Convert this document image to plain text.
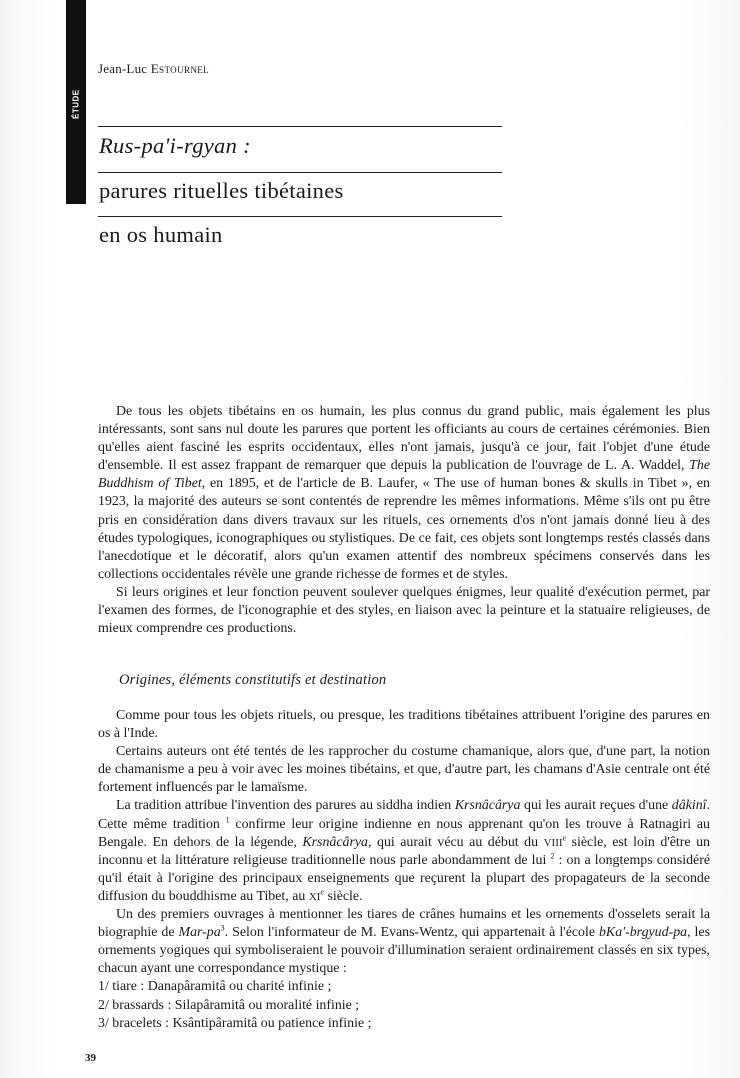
ÉTUDE
Jean-Luc Estournel
Rus-pa'i-rgyan :
parures rituelles tibétaines
en os humain

De tous les objets tibétains en os humain, les plus connus du grand public, mais également les plus intéressants, sont sans nul doute les parures que portent les officiants au cours de certaines cérémonies. Bien qu'elles aient fasciné les esprits occidentaux, elles n'ont jamais, jusqu'à ce jour, fait l'objet d'une étude d'ensemble. Il est assez frappant de remarquer que depuis la publication de l'ouvrage de L. A. Waddel, The Buddhism of Tibet, en 1895, et de l'article de B. Laufer, « The use of human bones & skulls in Tibet », en 1923, la majorité des auteurs se sont contentés de reprendre les mêmes informations. Même s'ils ont pu être pris en considération dans divers travaux sur les rituels, ces ornements d'os n'ont jamais donné lieu à des études typologiques, iconographiques ou stylistiques. De ce fait, ces objets sont longtemps restés classés dans l'anecdotique et le décoratif, alors qu'un examen attentif des nombreux spécimens conservés dans les collections occidentales révèle une grande richesse de formes et de styles.

Si leurs origines et leur fonction peuvent soulever quelques énigmes, leur qualité d'exécution permet, par l'examen des formes, de l'iconographie et des styles, en liaison avec la peinture et la statuaire religieuses, de mieux comprendre ces productions.

Origines, éléments constitutifs et destination

Comme pour tous les objets rituels, ou presque, les traditions tibétaines attribuent l'origine des parures en os à l'Inde.

Certains auteurs ont été tentés de les rapprocher du costume chamanique, alors que, d'une part, la notion de chamanisme a peu à voir avec les moines tibétains, et que, d'autre part, les chamans d'Asie centrale ont été fortement influencés par le lamaïsme.

La tradition attribue l'invention des parures au siddha indien Krsnâcârya qui les aurait reçues d'une dâkinî. Cette même tradition $^1$ confirme leur origine indienne en nous apprenant qu'on les trouve à Ratnagiri au Bengale. En dehors de la légende, Krsnâcârya, qui aurait vécu au début du VIIIe siècle, est loin d'être un inconnu et la littérature religieuse traditionnelle nous parle abondamment de lui $^2$ : on a longtemps considéré qu'il était à l'origine des principaux enseignements que reçurent la plupart des propagateurs de la seconde diffusion du bouddhisme au Tibet, au XIe siècle.

Un des premiers ouvrages à mentionner les tiares de crânes humains et les ornements d'osselets serait la biographie de Mar-$pa^3$. Selon l'informateur de M. Evans-Wentz, qui appartenait à l'école bKa'-brgyud-pa, les ornements yogiques qui symboliseraient le pouvoir d'illumination seraient ordinairement classés en six types, chacun ayant une correspondance mystique :

1/ tiare : Danapâramitâ ou charité infinie ;

2/ brassards : Silapâramitâ ou moralité infinie ;

3/ bracelets : Ksântipâramitâ ou patience infinie ;

39
